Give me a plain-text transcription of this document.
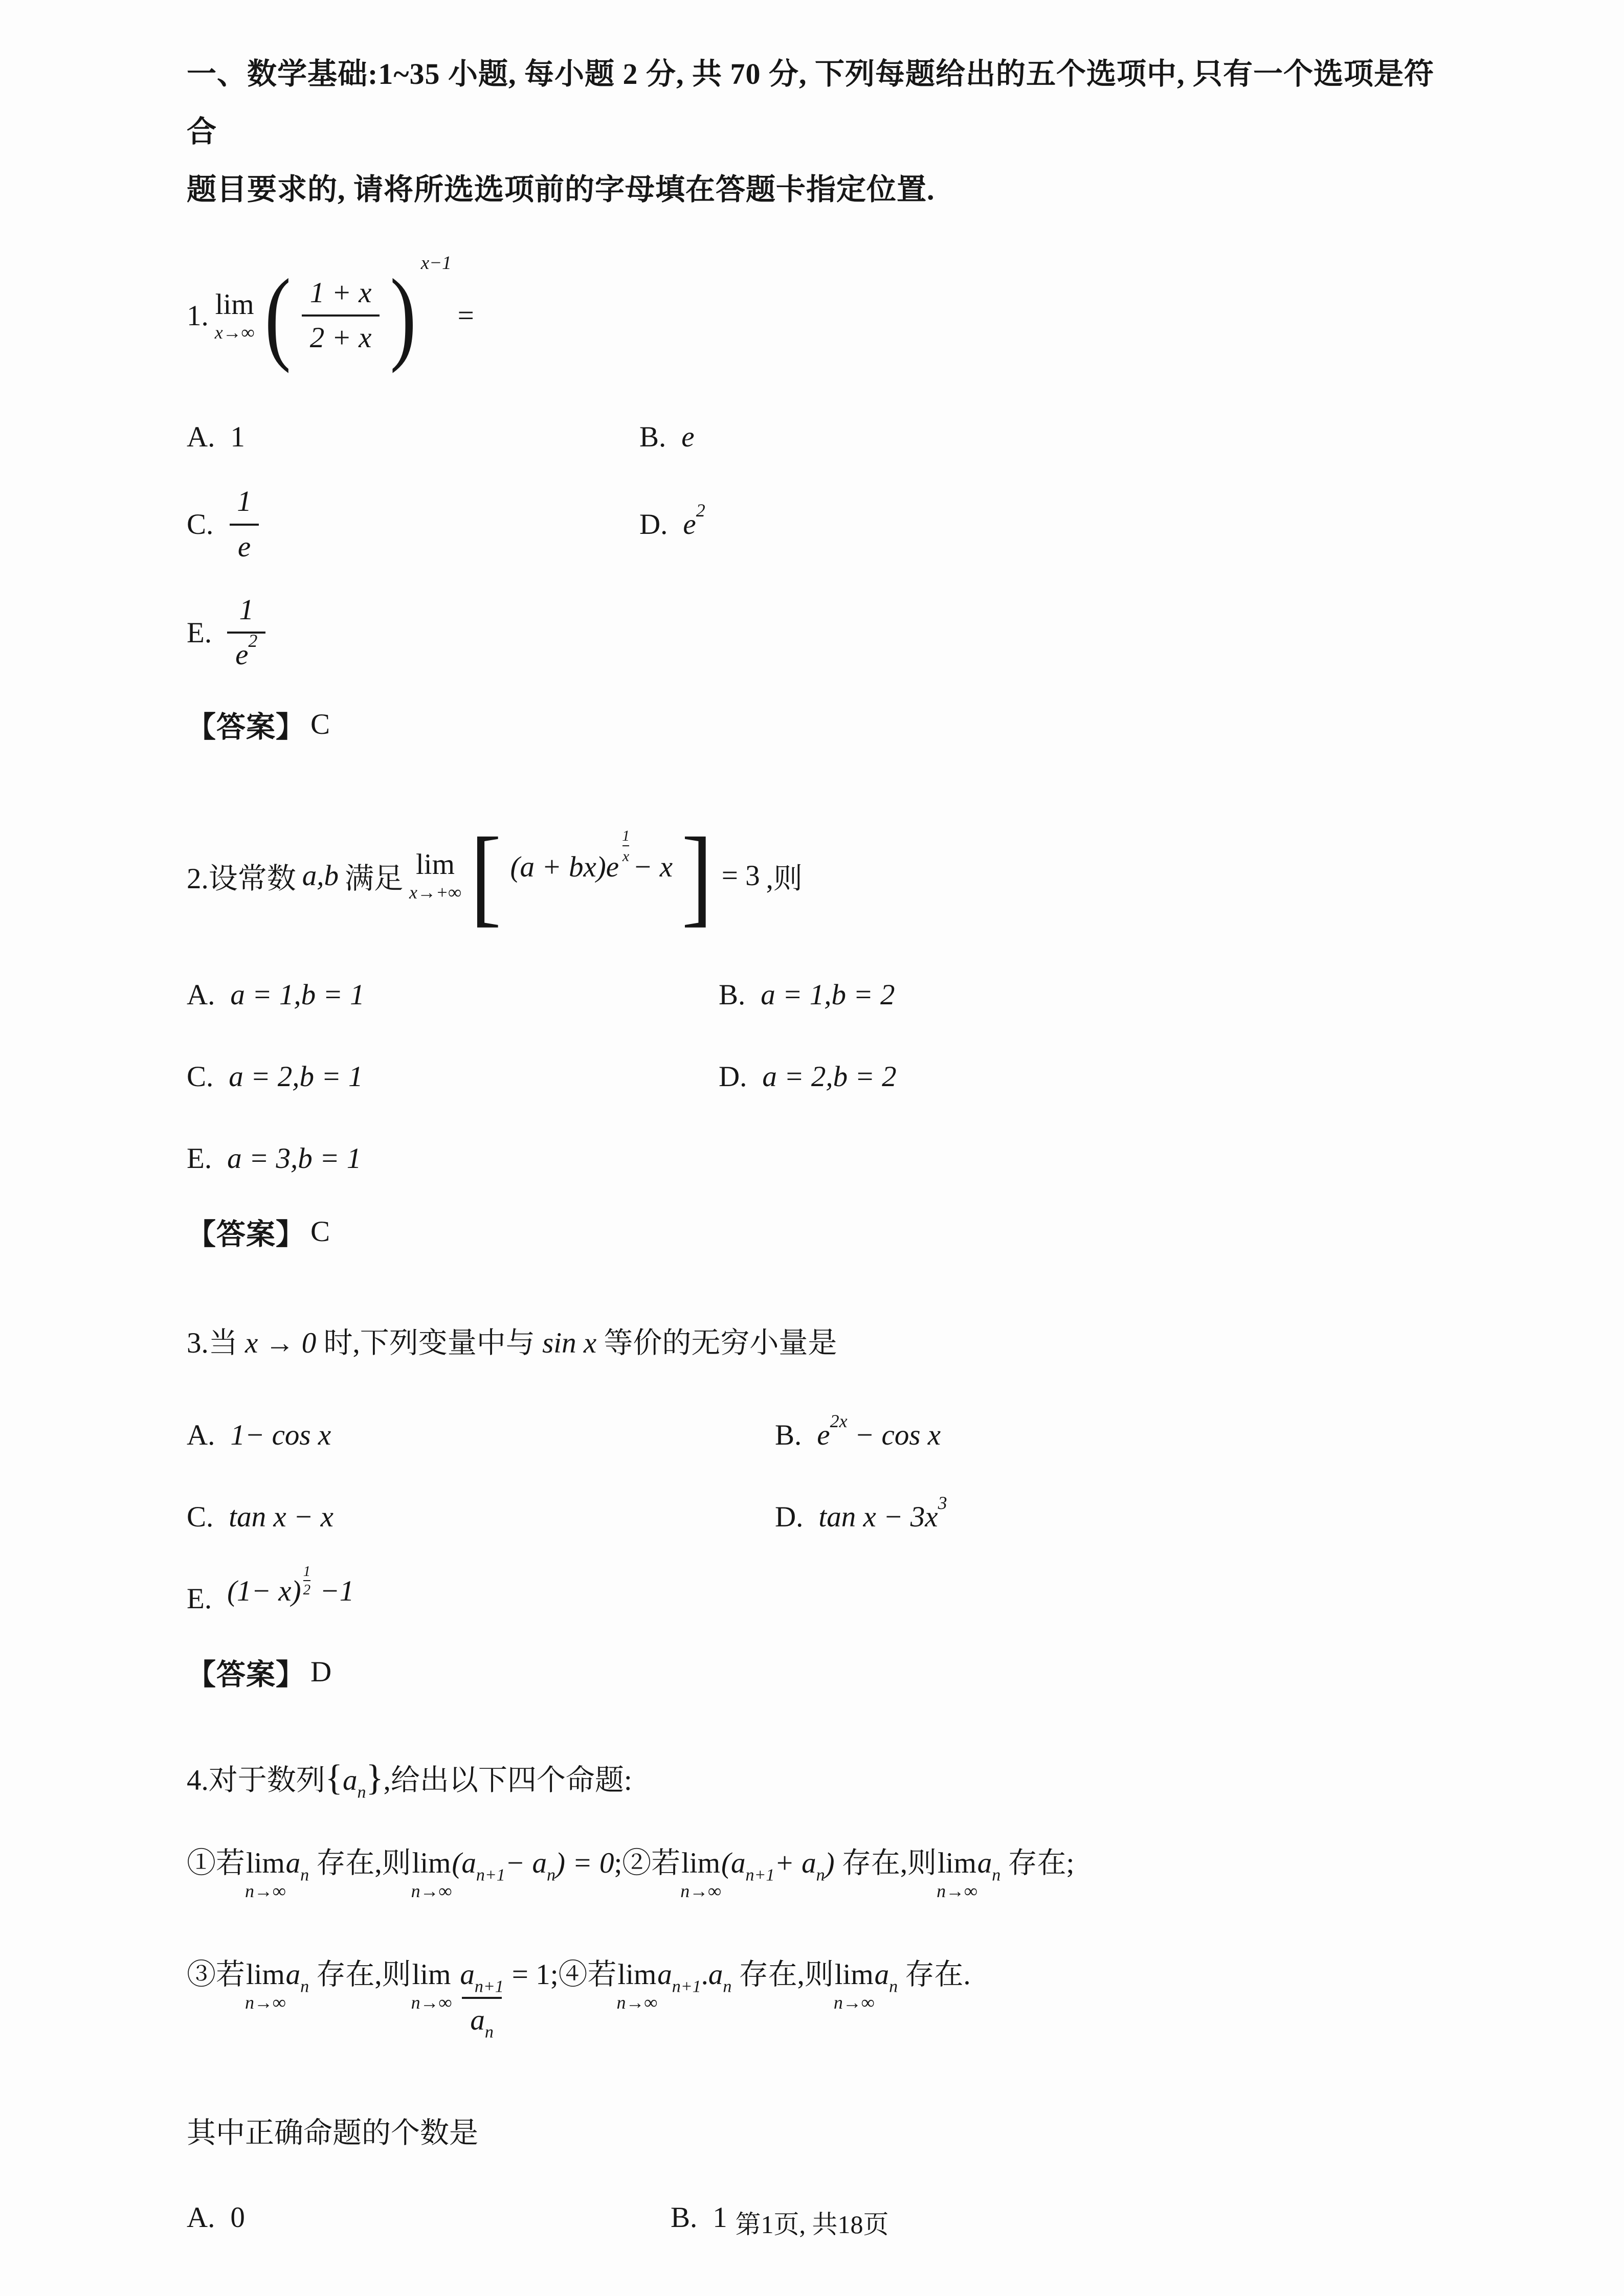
一、数学基础:1~35 小题, 每小题 2 分, 共 70 分, 下列每题给出的五个选项中, 只有一个选项是符合

题目要求的, 请将所选选项前的字母填在答题卡指定位置.

1. lim
x→∞ ( $\frac{1 + x}{2 + x}$ ) $^{x-1}$
=
A. 1	B. e
C. $\frac{1}{e}$	D. $e^2$
E. $\frac{1}{e^2}$
【答案】 C
2.设常数 a,b 满足 lim
x→+∞ [ (a + bx)e
$\frac{1}{x}$
− x ] = 3 ,则
A. a = 1,b = 1	B. a = 1,b = 2
C. a = 2,b = 1	D. a = 2,b = 2
E. a = 3,b = 1
【答案】 C

3.当 x → 0 时,下列变量中与 sin x 等价的无穷小量是

A. 1− cos x	B. $e^{2x} - \cos x$
C. tan x − x	D. $\tan x - 3x^3$
E. $(1- x) \frac{1}{2} -1$
【答案】 D

4.对于数列$\{a_n\}$,给出以下四个命题:

①若 lim
n→∞
$a_n$ 存在,则 lim
n→∞
$(a_{n+1}- a_n)$ = 0;②若 lim
n→∞
$(a_{n+1}+ a_n)$ 存在,则 lim
n→∞
$a_n$ 存在;

③若 lim
n→∞
$a_n$ 存在,则 lim
$n\to\infty \frac{a_{n+1}}{a_n}$ = 1;④若 lim
n→∞
$a_{n+1}.a_n$ 存在,则 lim
n→∞
$a_n$ 存在.

其中正确命题的个数是

A. 0	B. 1 第1页, 共18页
